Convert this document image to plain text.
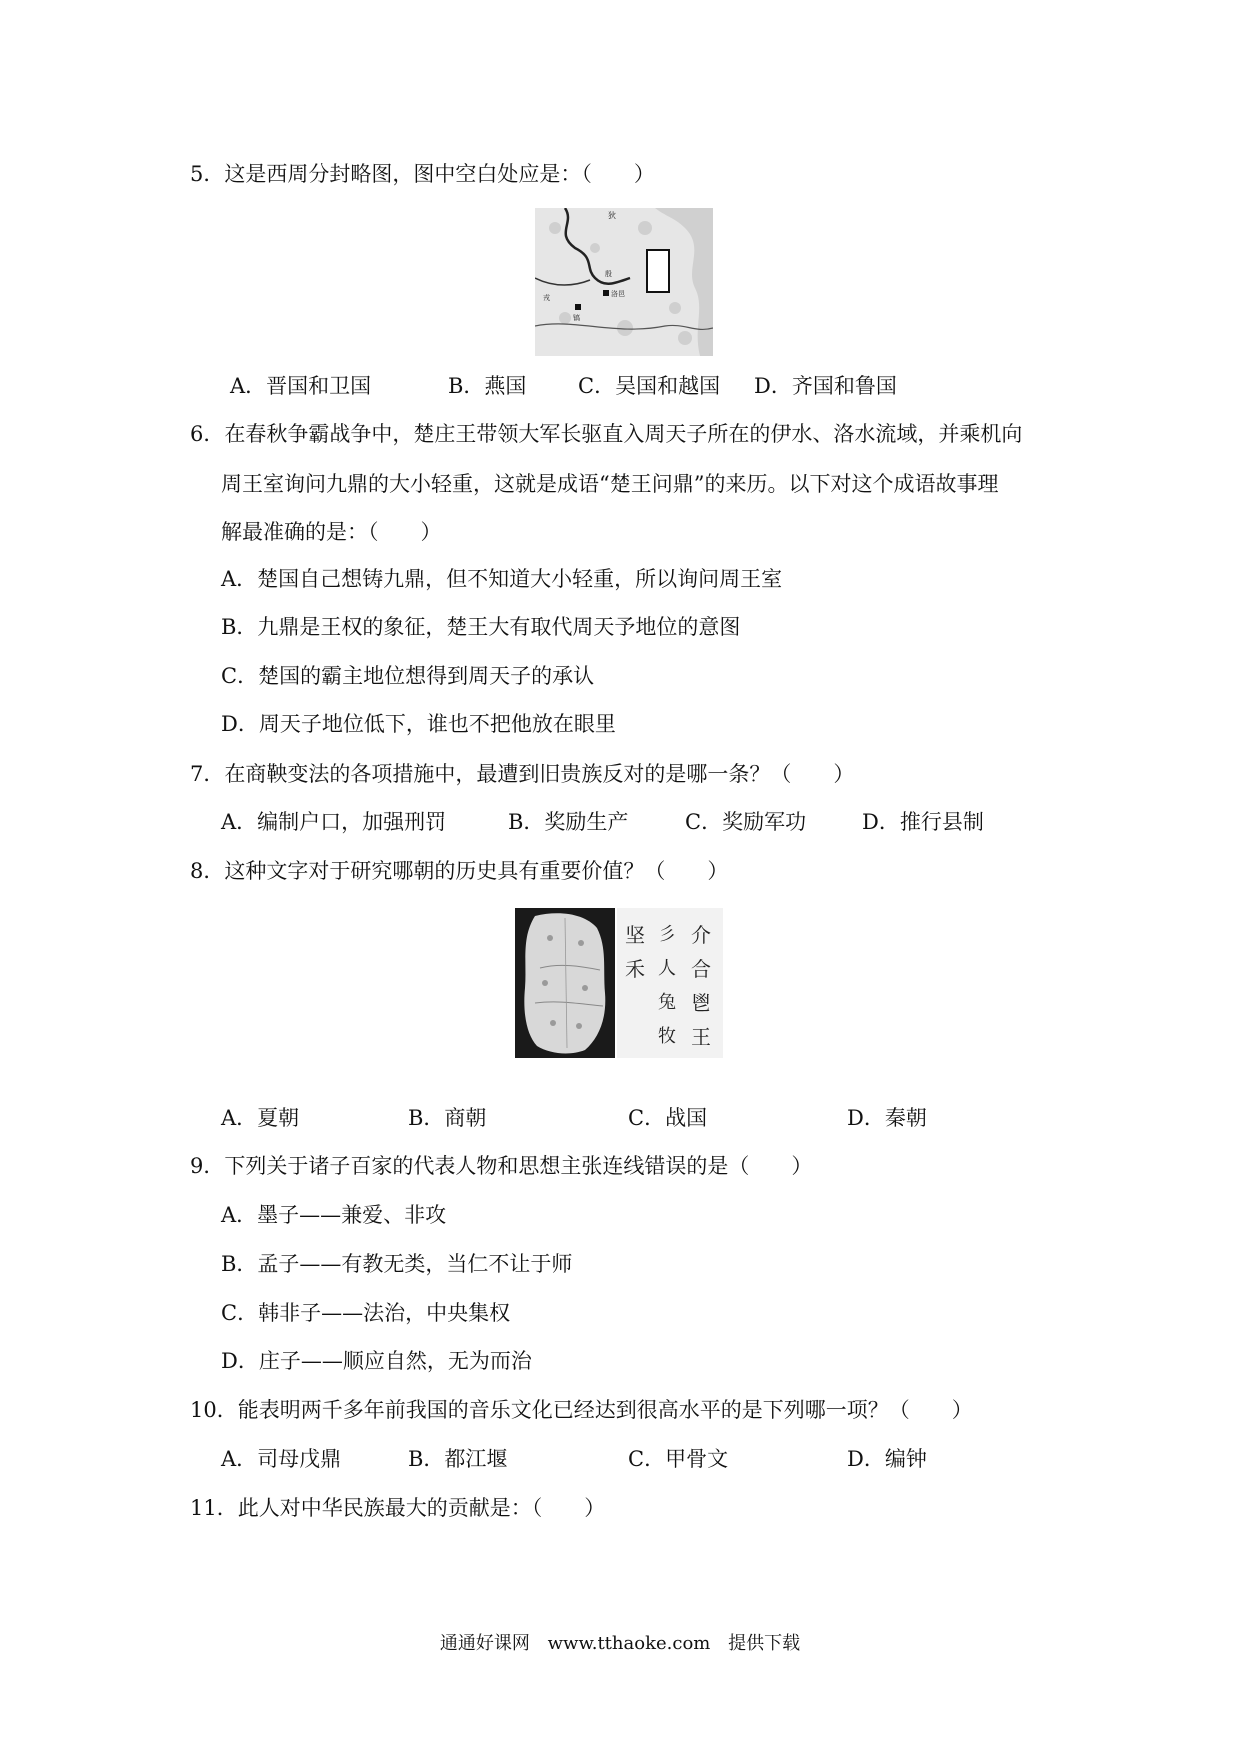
5．这是西周分封略图，图中空白处应是：（　　）
狄
殷
洛邑
镐
戎
A．晋国和卫国	B．燕国 C．吴国和越国 D．齐国和鲁国
6．在春秋争霸战争中，楚庄王带领大军长驱直入周天子所在的伊水、洛水流域，并乘机向
周王室询问九鼎的大小轻重，这就是成语“楚王问鼎”的来历。以下对这个成语故事理
解最准确的是：（　　）
A．楚国自己想铸九鼎，但不知道大小轻重，所以询问周王室
B．九鼎是王权的象征，楚王大有取代周天予地位的意图
C．楚国的霸主地位想得到周天子的承认
D．周天子地位低下，谁也不把他放在眼里
7．在商鞅变法的各项措施中，最遭到旧贵族反对的是哪一条？（　　）
A．编制户口，加强刑罚	B．奖励生产	C．奖励军功	D．推行县制
8．这种文字对于研究哪朝的历史具有重要价值？（　　）
坚
禾
彡
人
兔
牧
介
合
鬯
王
A．夏朝	B．商朝	C．战国	D．秦朝
9．下列关于诸子百家的代表人物和思想主张连线错误的是（　　）
A．墨子——兼爱、非攻
B．孟子——有教无类，当仁不让于师
C．韩非子——法治，中央集权
D．庄子——顺应自然，无为而治
10．能表明两千多年前我国的音乐文化已经达到很高水平的是下列哪一项？（　　）
A．司母戊鼎	B．都江堰	C．甲骨文	D．编钟
11．此人对中华民族最大的贡献是：（　　）
通通好课网 www.tthaoke.com 提供下载
